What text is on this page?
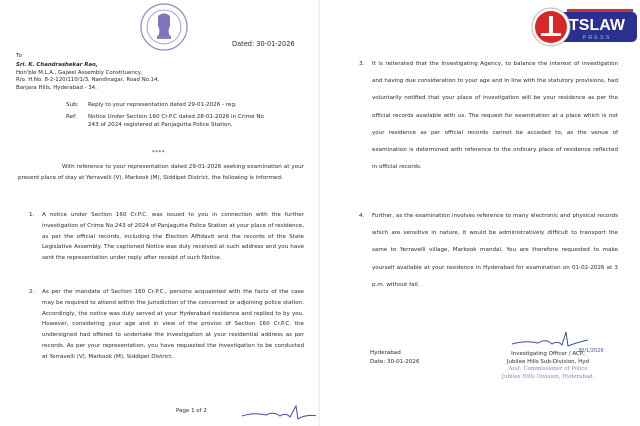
Dated: 30-01-2026
To
Sri. K. Chandrashekar Rao,
Hon'ble M.L.A., Gajwel Assembly Constituency,
R/o. H.No. 8-2-120/110/1/3, Nandinagar, Road No.14,
Banjara Hills, Hyderabad - 34.
Sub: Reply to your representation dated 29-01-2026 - reg.
Ref: Notice Under Section 160 Cr.P.C dated 28-01-2026 in Crime No 243 of 2024 registered at Panjagutta Police Station.
****
With reference to your representation dated 29-01-2026 seeking examination at your present place of stay at Yerravelli (V), Markook (M), Siddipet District, the following is informed:
1. A notice under Section 160 Cr.P.C. was issued to you in connection with the further investigation of Crime No.243 of 2024 of Panjagutta Police Station at your place of residence, as per the official records, including the Election Affidavit and the records of the State Legislative Assembly. The captioned Notice was duly received at such address and you have sent the representation under reply after receipt of such Notice.
2. As per the mandate of Section 160 Cr.P.C., persons acquainted with the facts of the case may be required to attend within the jurisdiction of the concerned or adjoining police station. Accordingly, the notice was duly served at your Hyderabad residence and replied to by you. However, considering your age and in view of the proviso of Section 160 Cr.P.C. the undersigned had offered to undertake the investigation at your residential address as per records. As per your representation, you have requested the investigation to be conducted at Yerravelli (V), Markook (M), Siddipet District.
Page 1 of 2
TSLAW
PRESS
3. It is reiterated that the Investigating Agency, to balance the interest of investigation and having due consideration to your age and in line with the statutory provisions, had voluntarily notified that your place of investigation will be your residence as per the official records available with us. The request for examination at a place which is not your residence as per official records cannot be acceded to, as the venue of examination is determined with reference to the ordinary place of residence reflected in official records.
4. Further, as the examination involves reference to many electronic and physical records which are sensitive in nature, it would be administratively difficult to transport the same to Yerravelli village, Markook mandal. You are therefore requested to make yourself available at your residence in Hyderabad for examination on 01-02-2026 at 3 p.m. without fail.
Hyderabad
Date: 30-01-2026
30/1/2026
Investigating Officer / ACP,
Jubilee Hills Sub-Division, Hyd
Asst. Commissioner of Police
Jubilee Hills Division, Hyderabad.
